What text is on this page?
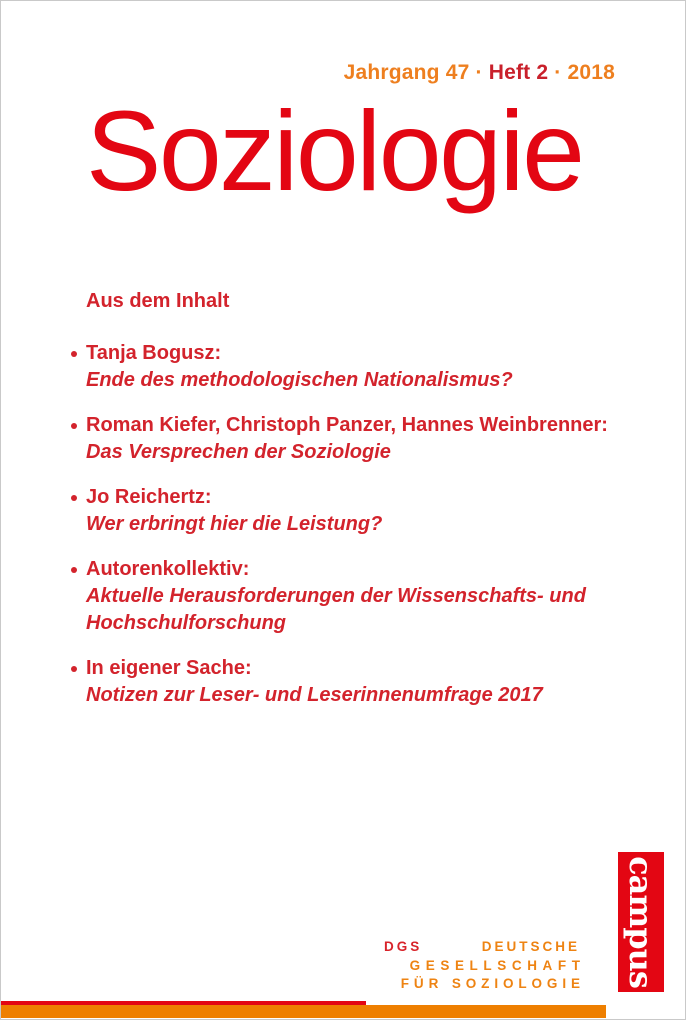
Jahrgang 47 · Heft 2 · 2018
Soziologie
Aus dem Inhalt
Tanja Bogusz:
Ende des methodologischen Nationalismus?
Roman Kiefer, Christoph Panzer, Hannes Weinbrenner:
Das Versprechen der Soziologie
Jo Reichertz:
Wer erbringt hier die Leistung?
Autorenkollektiv:
Aktuelle Herausforderungen der Wissenschafts- und Hochschulforschung
In eigener Sache:
Notizen zur Leser- und Leserinnenumfrage 2017
DGS	DEUTSCHE
GESELLSCHAFT
FÜR SOZIOLOGIE campus
